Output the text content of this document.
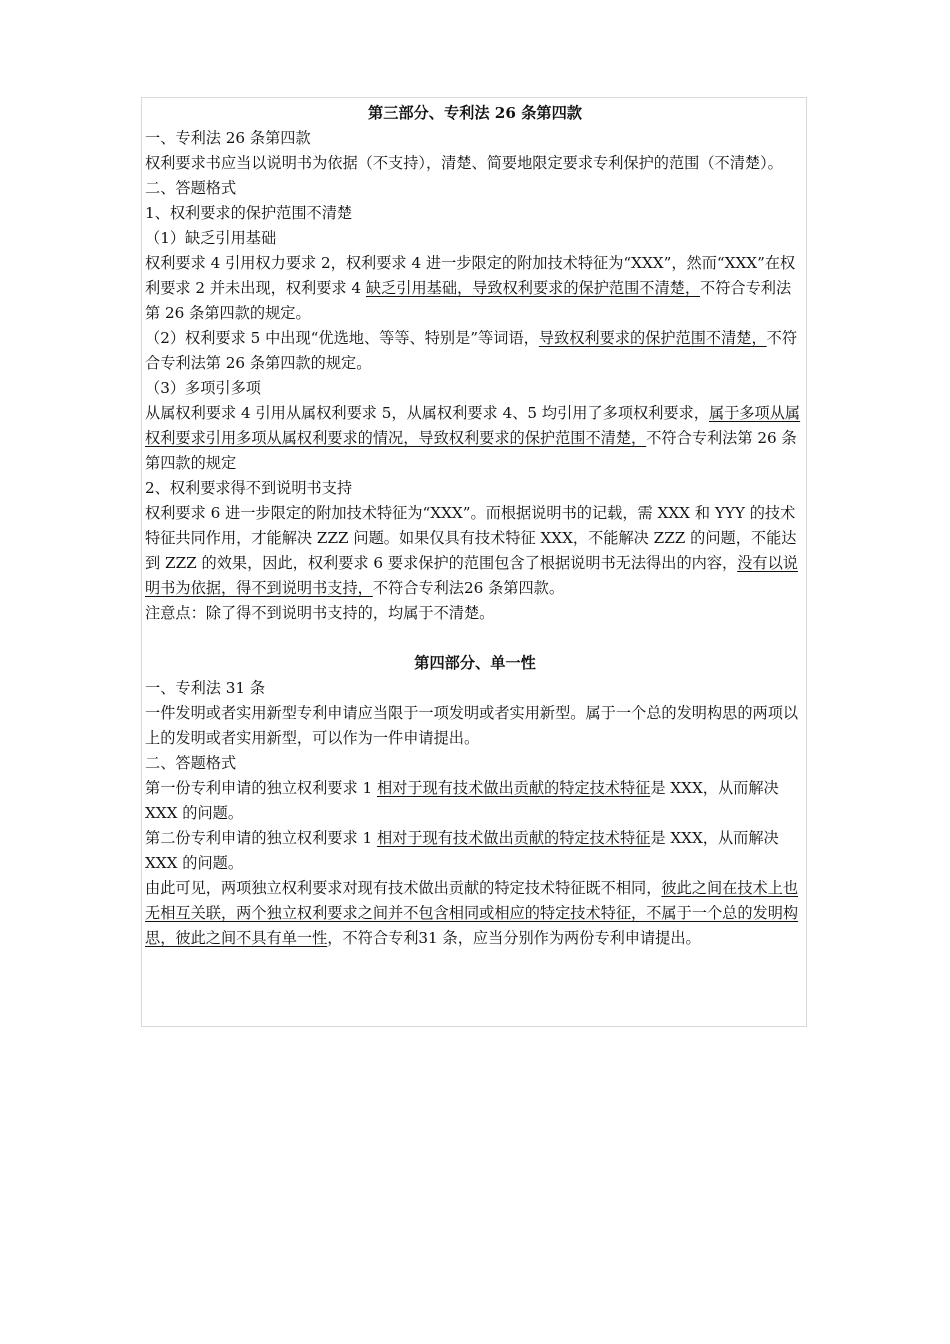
第三部分、专利法 26 条第四款

一、专利法 26 条第四款

权利要求书应当以说明书为依据（不支持），清楚、简要地限定要求专利保护的范围（不清楚）。

二、答题格式

1、权利要求的保护范围不清楚

（1）缺乏引用基础

权利要求 4 引用权力要求 2，权利要求 4 进一步限定的附加技术特征为“XXX”，然而“XXX”在权利要求 2 并未出现，权利要求 4 缺乏引用基础，导致权利要求的保护范围不清楚，不符合专利法第 26 条第四款的规定。

（2）权利要求 5 中出现“优选地、等等、特别是”等词语，导致权利要求的保护范围不清楚，不符合专利法第 26 条第四款的规定。

（3）多项引多项

从属权利要求 4 引用从属权利要求 5，从属权利要求 4、5 均引用了多项权利要求，属于多项从属权利要求引用多项从属权利要求的情况，导致权利要求的保护范围不清楚，不符合专利法第 26 条第四款的规定

2、权利要求得不到说明书支持

权利要求 6 进一步限定的附加技术特征为“XXX”。而根据说明书的记载，需 XXX 和 YYY 的技术特征共同作用，才能解决 ZZZ 问题。如果仅具有技术特征 XXX，不能解决 ZZZ 的问题，不能达到 ZZZ 的效果，因此，权利要求 6 要求保护的范围包含了根据说明书无法得出的内容，没有以说明书为依据，得不到说明书支持，不符合专利法26 条第四款。

注意点：除了得不到说明书支持的，均属于不清楚。

第四部分、单一性

一、专利法 31 条

一件发明或者实用新型专利申请应当限于一项发明或者实用新型。属于一个总的发明构思的两项以上的发明或者实用新型，可以作为一件申请提出。

二、答题格式

第一份专利申请的独立权利要求 1 相对于现有技术做出贡献的特定技术特征是 XXX，从而解决 XXX 的问题。

第二份专利申请的独立权利要求 1 相对于现有技术做出贡献的特定技术特征是 XXX，从而解决 XXX 的问题。

由此可见，两项独立权利要求对现有技术做出贡献的特定技术特征既不相同，彼此之间在技术上也无相互关联，两个独立权利要求之间并不包含相同或相应的特定技术特征，不属于一个总的发明构思，彼此之间不具有单一性，不符合专利31 条，应当分别作为两份专利申请提出。
